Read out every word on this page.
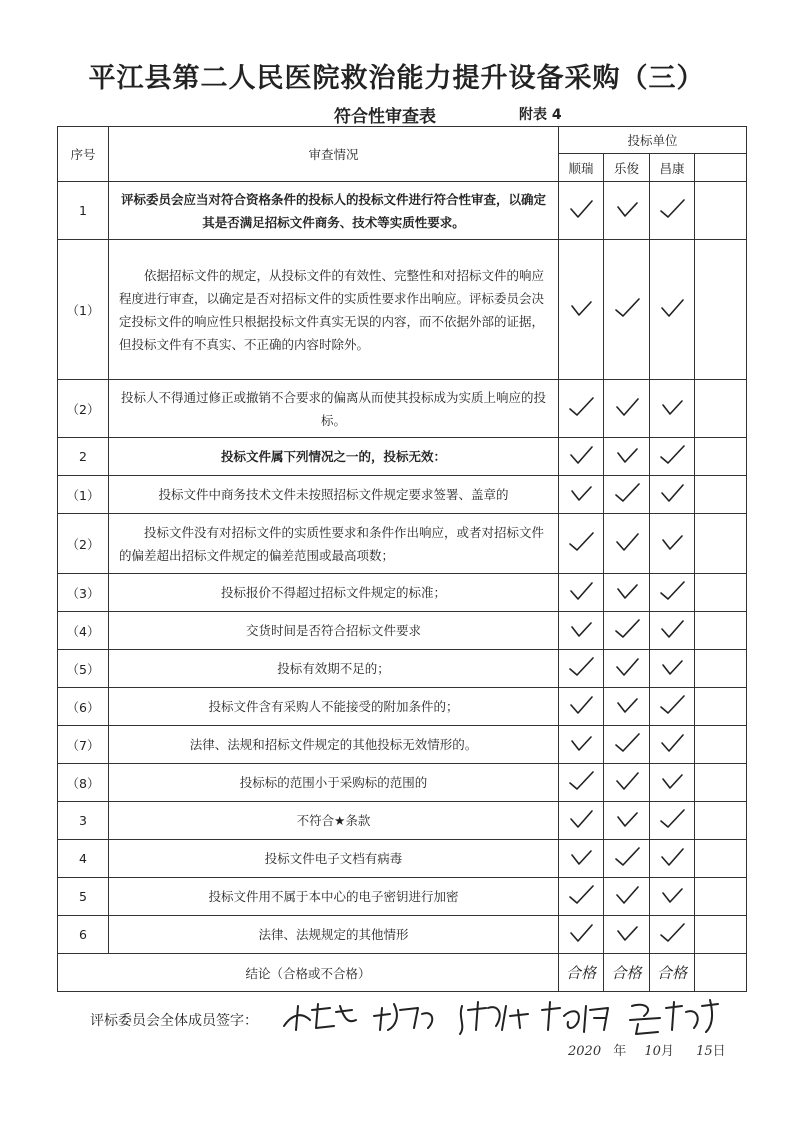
平江县第二人民医院救治能力提升设备采购（三）
符合性审查表	附表 4
序号	审查情况	投标单位			
		顺瑞	乐俊	昌康	
1	评标委员会应当对符合资格条件的投标人的投标文件进行符合性审查，以确定其是否满足招标文件商务、技术等实质性要求。				
（1）	依据招标文件的规定，从投标文件的有效性、完整性和对招标文件的响应程度进行审查，以确定是否对招标文件的实质性要求作出响应。评标委员会决定投标文件的响应性只根据投标文件真实无误的内容，而不依据外部的证据，但投标文件有不真实、不正确的内容时除外。				
（2）	投标人不得通过修正或撤销不合要求的偏离从而使其投标成为实质上响应的投标。				
2	投标文件属下列情况之一的，投标无效：				
（1）	投标文件中商务技术文件未按照招标文件规定要求签署、盖章的				
（2）	投标文件没有对招标文件的实质性要求和条件作出响应，或者对招标文件的偏差超出招标文件规定的偏差范围或最高项数；				
（3）	投标报价不得超过招标文件规定的标准；				
（4）	交货时间是否符合招标文件要求				
（5）	投标有效期不足的；				
（6）	投标文件含有采购人不能接受的附加条件的；				
（7）	法律、法规和招标文件规定的其他投标无效情形的。				
（8）	投标标的范围小于采购标的范围的				
3	不符合★条款				
4	投标文件电子文档有病毒				
5	投标文件用不属于本中心的电子密钥进行加密				
6	法律、法规规定的其他情形				
结论（合格或不合格）		合格	合格	合格	
评标委员会全体成员签字：
2020 年 10月 15日
